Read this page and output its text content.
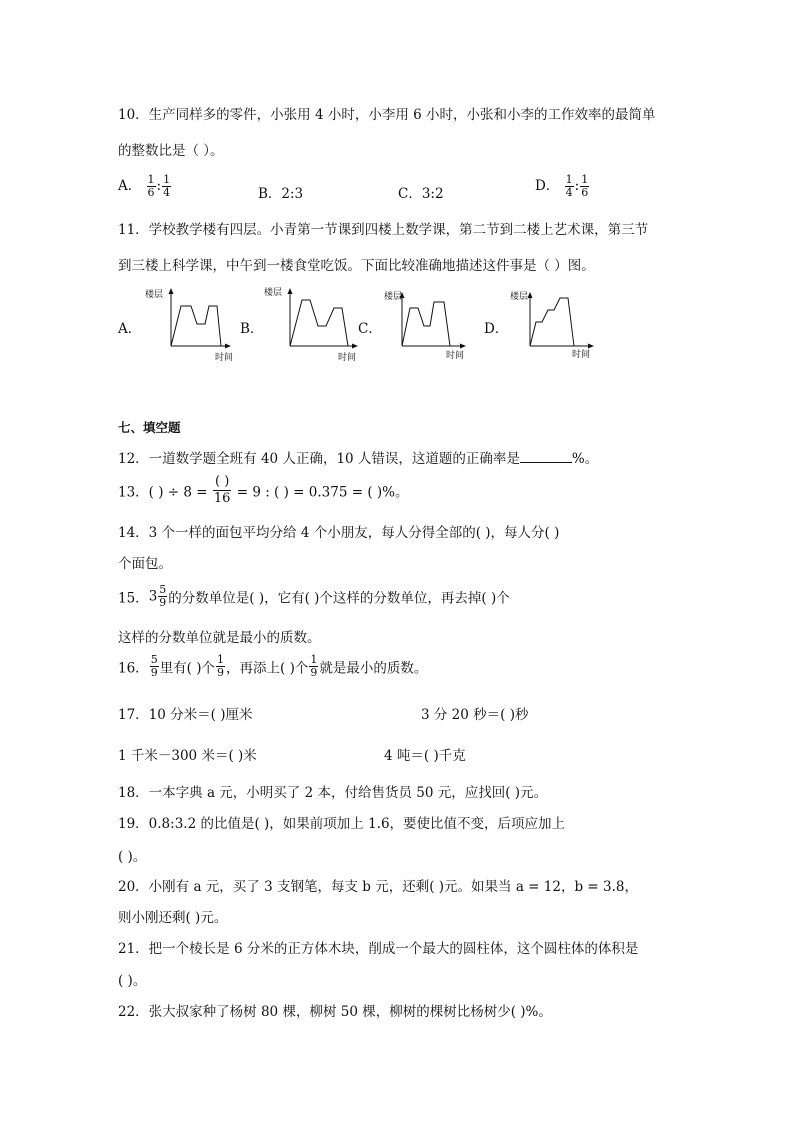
10．生产同样多的零件，小张用 4 小时，小李用 6 小时，小张和小李的工作效率的最简单
的整数比是（ ）。
A． $\frac{1}{6}$ : $\frac{1}{4}$	B．2:3	C．3:2	D． $\frac{1}{4}$ : $\frac{1}{6}$
11．学校教学楼有四层。小青第一节课到四楼上数学课，第二节到二楼上艺术课，第三节
到三楼上科学课，中午到一楼食堂吃饭。下面比较准确地描述这件事是（ ）图。
A．
楼层
时间
B．
楼层
时间
C．
楼层
时间
D．
楼层
时间
七、填空题
12．一道数学题全班有 40 人正确，10 人错误，这道题的正确率是	%。
13．( ) ÷ $8 = \frac{( )}{16} = 9$ : ( ) = 0.375 = ( )%。
14．3 个一样的面包平均分给 4 个小朋友，每人分得全部的( )，每人分( )
个面包。
15．$3 \frac{5}{9}$ 的分数单位是( )，它有( )个这样的分数单位，再去掉( )个
这样的分数单位就是最小的质数。
16． $\frac{5}{9}$ 里有( )个 $\frac{1}{9}$ ，再添上( )个 $\frac{1}{9}$ 就是最小的质数。
17．10 分米＝( )厘米	3 分 20 秒＝( )秒
1 千米－300 米＝( )米	4 吨＝( )千克
18．一本字典 a 元，小明买了 2 本，付给售货员 50 元，应找回( )元。
19．0.8:3.2 的比值是( )，如果前项加上 1.6，要使比值不变，后项应加上
( )。
20．小刚有 a 元，买了 3 支钢笔，每支 b 元，还剩( )元。如果当 a = 12，b = 3.8，
则小刚还剩( )元。
21．把一个棱长是 6 分米的正方体木块，削成一个最大的圆柱体，这个圆柱体的体积是
( )。
22．张大叔家种了杨树 80 棵，柳树 50 棵，柳树的棵树比杨树少( )%。
